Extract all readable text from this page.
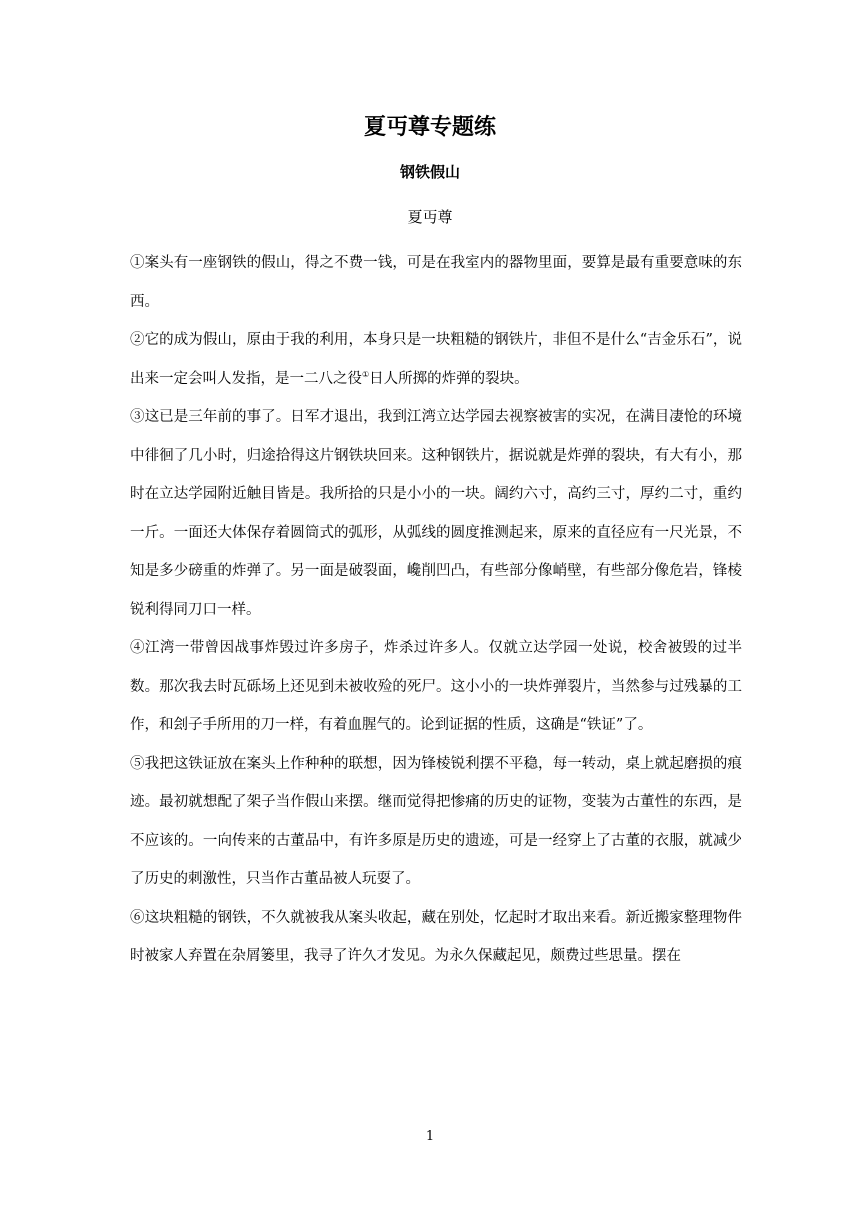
夏丏尊专题练
钢铁假山
夏丏尊

①案头有一座钢铁的假山，得之不费一钱，可是在我室内的器物里面，要算是最有重要意味的东西。

②它的成为假山，原由于我的利用，本身只是一块粗糙的钢铁片，非但不是什么“吉金乐石”，说出来一定会叫人发指，是一二八之役①日人所掷的炸弹的裂块。

③这已是三年前的事了。日军才退出，我到江湾立达学园去视察被害的实况，在满目凄怆的环境中徘徊了几小时，归途拾得这片钢铁块回来。这种钢铁片，据说就是炸弹的裂块，有大有小，那时在立达学园附近触目皆是。我所拾的只是小小的一块。阔约六寸，高约三寸，厚约二寸，重约一斤。一面还大体保存着圆筒式的弧形，从弧线的圆度推测起来，原来的直径应有一尺光景，不知是多少磅重的炸弹了。另一面是破裂面，巉削凹凸，有些部分像峭壁，有些部分像危岩，锋棱锐利得同刀口一样。

④江湾一带曾因战事炸毁过许多房子，炸杀过许多人。仅就立达学园一处说，校舍被毁的过半数。那次我去时瓦砾场上还见到未被收殓的死尸。这小小的一块炸弹裂片，当然参与过残暴的工作，和刽子手所用的刀一样，有着血腥气的。论到证据的性质，这确是“铁证”了。

⑤我把这铁证放在案头上作种种的联想，因为锋棱锐利摆不平稳，每一转动，桌上就起磨损的痕迹。最初就想配了架子当作假山来摆。继而觉得把惨痛的历史的证物，变装为古董性的东西，是不应该的。一向传来的古董品中，有许多原是历史的遗迹，可是一经穿上了古董的衣服，就减少了历史的刺激性，只当作古董品被人玩耍了。

⑥这块粗糙的钢铁，不久就被我从案头收起，藏在别处，忆起时才取出来看。新近搬家整理物件时被家人弃置在杂屑篓里，我寻了许久才发见。为永久保藏起见，颇费过些思量。摆在

1
